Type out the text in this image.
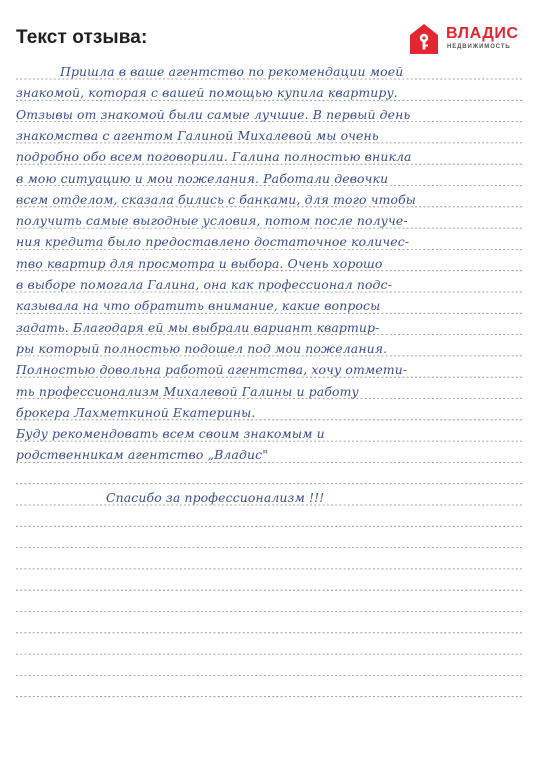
Текст отзыва:	ВЛАДИС
НЕДВИЖИМОСТЬ
Пришла в ваше агентство по рекомендации моей
знакомой, которая с вашей помощью купила квартиру.
Отзывы от знакомой были самые лучшие. В первый день
знакомства с агентом Галиной Михалевой мы очень
подробно обо всем поговорили. Галина полностью вникла
в мою ситуацию и мои пожелания. Работали девочки
всем отделом, сказала бились с банками, для того чтобы
получить самые выгодные условия, потом после получе-
ния кредита было предоставлено достаточное количес-
тво квартир для просмотра и выбора. Очень хорошо
в выборе помогала Галина, она как профессионал подс-
казывала на что обратить внимание, какие вопросы
задать. Благодаря ей мы выбрали вариант квартир-
ры который полностью подошел под мои пожелания.
Полностью довольна работой агентства, хочу отмети-
ть профессионализм Михалевой Галины и работу
брокера Лахметкиной Екатерины.
Буду рекомендовать всем своим знакомым и
родственникам агентство „Владис"
Спасибо за профессионализм !!!
